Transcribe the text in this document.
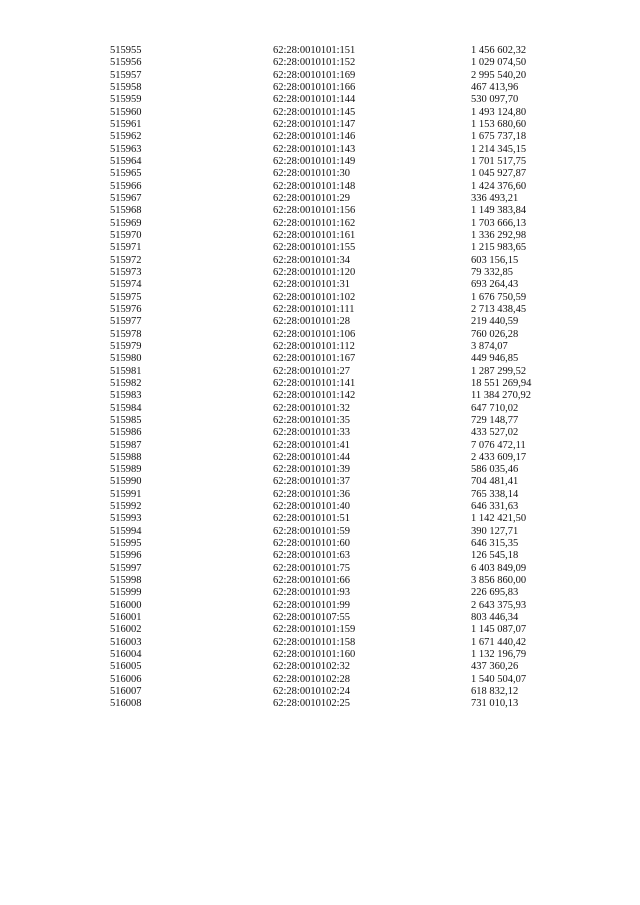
515955	62:28:0010101:151	1 456 602,32
515956	62:28:0010101:152	1 029 074,50
515957	62:28:0010101:169	2 995 540,20
515958	62:28:0010101:166	467 413,96
515959	62:28:0010101:144	530 097,70
515960	62:28:0010101:145	1 493 124,80
515961	62:28:0010101:147	1 153 680,60
515962	62:28:0010101:146	1 675 737,18
515963	62:28:0010101:143	1 214 345,15
515964	62:28:0010101:149	1 701 517,75
515965	62:28:0010101:30	1 045 927,87
515966	62:28:0010101:148	1 424 376,60
515967	62:28:0010101:29	336 493,21
515968	62:28:0010101:156	1 149 383,84
515969	62:28:0010101:162	1 703 666,13
515970	62:28:0010101:161	1 336 292,98
515971	62:28:0010101:155	1 215 983,65
515972	62:28:0010101:34	603 156,15
515973	62:28:0010101:120	79 332,85
515974	62:28:0010101:31	693 264,43
515975	62:28:0010101:102	1 676 750,59
515976	62:28:0010101:111	2 713 438,45
515977	62:28:0010101:28	219 440,59
515978	62:28:0010101:106	760 026,28
515979	62:28:0010101:112	3 874,07
515980	62:28:0010101:167	449 946,85
515981	62:28:0010101:27	1 287 299,52
515982	62:28:0010101:141	18 551 269,94
515983	62:28:0010101:142	11 384 270,92
515984	62:28:0010101:32	647 710,02
515985	62:28:0010101:35	729 148,77
515986	62:28:0010101:33	433 527,02
515987	62:28:0010101:41	7 076 472,11
515988	62:28:0010101:44	2 433 609,17
515989	62:28:0010101:39	586 035,46
515990	62:28:0010101:37	704 481,41
515991	62:28:0010101:36	765 338,14
515992	62:28:0010101:40	646 331,63
515993	62:28:0010101:51	1 142 421,50
515994	62:28:0010101:59	390 127,71
515995	62:28:0010101:60	646 315,35
515996	62:28:0010101:63	126 545,18
515997	62:28:0010101:75	6 403 849,09
515998	62:28:0010101:66	3 856 860,00
515999	62:28:0010101:93	226 695,83
516000	62:28:0010101:99	2 643 375,93
516001	62:28:0010107:55	803 446,34
516002	62:28:0010101:159	1 145 087,07
516003	62:28:0010101:158	1 671 440,42
516004	62:28:0010101:160	1 132 196,79
516005	62:28:0010102:32	437 360,26
516006	62:28:0010102:28	1 540 504,07
516007	62:28:0010102:24	618 832,12
516008	62:28:0010102:25	731 010,13
